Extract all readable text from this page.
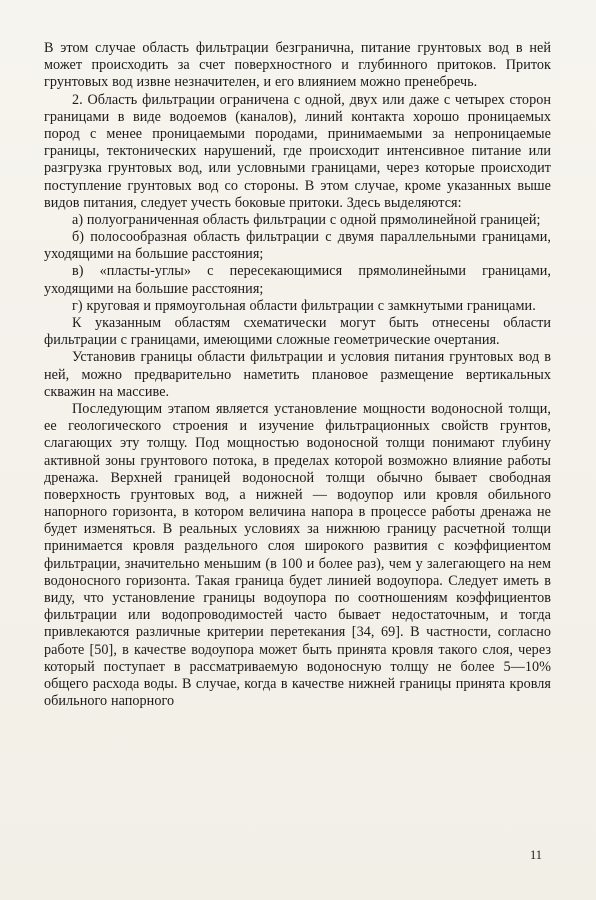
В этом случае область фильтрации безгранична, питание грунтовых вод в ней может происходить за счет поверхностного и глубинного притоков. Приток грунтовых вод извне незначителен, и его влиянием можно пренебречь.

2. Область фильтрации ограничена с одной, двух или даже с четырех сторон границами в виде водоемов (каналов), линий контакта хорошо проницаемых пород с менее проницаемыми породами, принимаемыми за непроницаемые границы, тектонических нарушений, где происходит интенсивное питание или разгрузка грунтовых вод, или условными границами, через которые происходит поступление грунтовых вод со стороны. В этом случае, кроме указанных выше видов питания, следует учесть боковые притоки. Здесь выделяются:

а) полуограниченная область фильтрации с одной прямолинейной границей;

б) полосообразная область фильтрации с двумя параллельными границами, уходящими на большие расстояния;

в) «пласты-углы» с пересекающимися прямолинейными границами, уходящими на большие расстояния;

г) круговая и прямоугольная области фильтрации с замкнутыми границами.

К указанным областям схематически могут быть отнесены области фильтрации с границами, имеющими сложные геометрические очертания.

Установив границы области фильтрации и условия питания грунтовых вод в ней, можно предварительно наметить плановое размещение вертикальных скважин на массиве.

Последующим этапом является установление мощности водоносной толщи, ее геологического строения и изучение фильтрационных свойств грунтов, слагающих эту толщу. Под мощностью водоносной толщи понимают глубину активной зоны грунтового потока, в пределах которой возможно влияние работы дренажа. Верхней границей водоносной толщи обычно бывает свободная поверхность грунтовых вод, а нижней — водоупор или кровля обильного напорного горизонта, в котором величина напора в процессе работы дренажа не будет изменяться. В реальных условиях за нижнюю границу расчетной толщи принимается кровля раздельного слоя широкого развития с коэффициентом фильтрации, значительно меньшим (в 100 и более раз), чем у залегающего на нем водоносного горизонта. Такая граница будет линией водоупора. Следует иметь в виду, что установление границы водоупора по соотношениям коэффициентов фильтрации или водопроводимостей часто бывает недостаточным, и тогда привлекаются различные критерии перетекания [34, 69]. В частности, согласно работе [50], в качестве водоупора может быть принята кровля такого слоя, через который поступает в рассматриваемую водоносную толщу не более 5—10% общего расхода воды. В случае, когда в качестве нижней границы принята кровля обильного напорного

11
